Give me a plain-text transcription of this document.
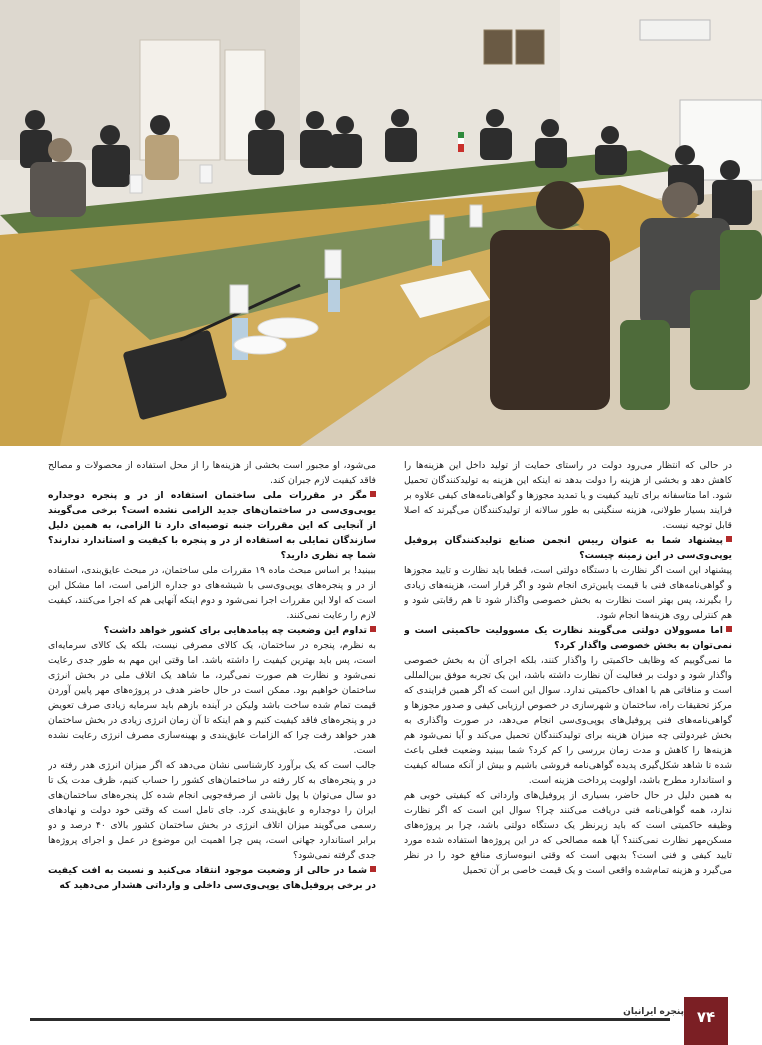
در حالی که انتظار می‌رود دولت در راستای حمایت از تولید داخل این هزینه‌ها را کاهش دهد و بخشی از هزینه را دولت بدهد نه اینکه این هزینه به تولیدکنندگان تحمیل شود. اما متاسفانه برای تایید کیفیت و یا تمدید مجوزها و گواهی‌نامه‌های کیفی علاوه بر فرایند بسیار طولانی، هزینه سنگینی به طور سالانه از تولیدکنندگان می‌گیرند که اصلا قابل توجیه نیست.

پیشنهاد شما به عنوان رییس انجمن صنایع تولیدکنندگان پروفیل یوپی‌وی‌سی در این زمینه چیست؟

پیشنهاد این است اگر نظارت با دستگاه دولتی است، قطعا باید نظارت و تایید مجوزها و گواهی‌نامه‌های فنی با قیمت پایین‌تری انجام شود و اگر قرار است، هزینه‌های زیادی را بگیرند، پس بهتر است نظارت به بخش خصوصی واگذار شود تا هم رقابتی شود و هم کنترلی روی هزینه‌ها انجام شود.

اما مسوولان دولتی می‌گویند نظارت یک مسوولیت حاکمیتی است و نمی‌توان به بخش خصوصی واگذار کرد؟

ما نمی‌گوییم که وظایف حاکمیتی را واگذار کنند، بلکه اجرای آن به بخش خصوصی واگذار شود و دولت بر فعالیت آن نظارت داشته باشد، این یک تجربه موفق بین‌المللی است و منافاتی هم با اهداف حاکمیتی ندارد. سوال این است که اگر همین فرایندی که مرکز تحقیقات راه، ساختمان و شهرسازی در خصوص ارزیابی کیفی و صدور مجوزها و گواهی‌نامه‌های فنی پروفیل‌های یوپی‌وی‌سی انجام می‌دهد، در صورت واگذاری به بخش غیردولتی چه میزان هزینه برای تولیدکنندگان تحمیل می‌کند و آیا نمی‌شود هم هزینه‌ها را کاهش و مدت زمان بررسی را کم کرد؟ شما ببینید وضعیت فعلی باعث شده تا شاهد شکل‌گیری پدیده گواهی‌نامه فروشی باشیم و بیش از آنکه مساله کیفیت و استاندارد مطرح باشد، اولویت پرداخت هزینه است.

به همین دلیل در حال حاضر، بسیاری از پروفیل‌های وارداتی که کیفیتی خوبی هم ندارد، همه گواهی‌نامه فنی دریافت می‌کنند چرا؟ سوال این است که اگر نظارت وظیفه حاکمیتی است که باید زیرنظر یک دستگاه دولتی باشد، چرا بر پروژه‌های مسکن‌مهر نظارت نمی‌کنند؟ آیا همه مصالحی که در این پروژه‌ها استفاده شده مورد تایید کیفی و فنی است؟ بدیهی است که وقتی انبوه‌سازی منافع خود را در نظر می‌گیرد و هزینه تمام‌شده واقعی است و یک قیمت خاصی بر آن تحمیل

می‌شود، او مجبور است بخشی از هزینه‌ها را از محل استفاده از محصولات و مصالح فاقد کیفیت لازم جبران کند.

مگر در مقررات ملی ساختمان استفاده از در و پنجره دوجداره یوپی‌وی‌سی در ساختمان‌های جدید الزامی نشده است؟ برخی می‌گویند از آنجایی که این مقررات جنبه توصیه‌ای دارد تا الزامی، به همین دلیل سازندگان تمایلی به استفاده از در و پنجره با کیفیت و استاندارد ندارند؟ شما چه نظری دارید؟

ببینید! بر اساس مبحث ماده ۱۹ مقررات ملی ساختمان، در مبحث عایق‌بندی، استفاده از در و پنجره‌های یوپی‌وی‌سی با شیشه‌های دو جداره الزامی است، اما مشکل این است که اولا این مقررات اجرا نمی‌شود و دوم اینکه آنهایی هم که اجرا می‌کنند، کیفیت لازم را رعایت نمی‌کنند.

تداوم این وضعیت چه پیامدهایی برای کشور خواهد داشت؟

به نظرم، پنجره در ساختمان، یک کالای مصرفی نیست، بلکه یک کالای سرمایه‌ای است، پس باید بهترین کیفیت را داشته باشد. اما وقتی این مهم به طور جدی رعایت نمی‌شود و نظارت هم صورت نمی‌گیرد، ما شاهد یک اتلاف ملی در بخش انرژی ساختمان خواهیم بود. ممکن است در حال حاضر هدف در پروژه‌های مهر پایین آوردن قیمت تمام شده ساخت باشد ولیکن در آینده بازهم باید سرمایه زیادی صرف تعویض در و پنجره‌های فاقد کیفیت کنیم و هم اینکه تا آن زمان انرژی زیادی در بخش ساختمان هدر خواهد رفت چرا که الزامات عایق‌بندی و بهینه‌سازی مصرف انرژی رعایت نشده است.

جالب است که یک برآورد کارشناسی نشان می‌دهد که اگر میزان انرژی هدر رفته در در و پنجره‌های به کار رفته در ساختمان‌های کشور را حساب کنیم، ظرف مدت یک تا دو سال می‌توان با پول ناشی از صرفه‌جویی انجام شده کل پنجره‌های ساختمان‌های ایران را دوجداره و عایق‌بندی کرد. جای تامل است که وقتی خود دولت و نهادهای رسمی می‌گویند میزان اتلاف انرژی در بخش ساختمان کشور بالای ۴۰ درصد و دو برابر استاندارد جهانی است، پس چرا اهمیت این موضوع در عمل و اجرای پروژه‌ها جدی گرفته نمی‌شود؟

شما در حالی از وضعیت موجود انتقاد می‌کنید و نسبت به افت کیفیت در برخی پروفیل‌های یوپی‌وی‌سی داخلی و وارداتی هشدار می‌دهید که

پنجره ایرانیان ۷۴
